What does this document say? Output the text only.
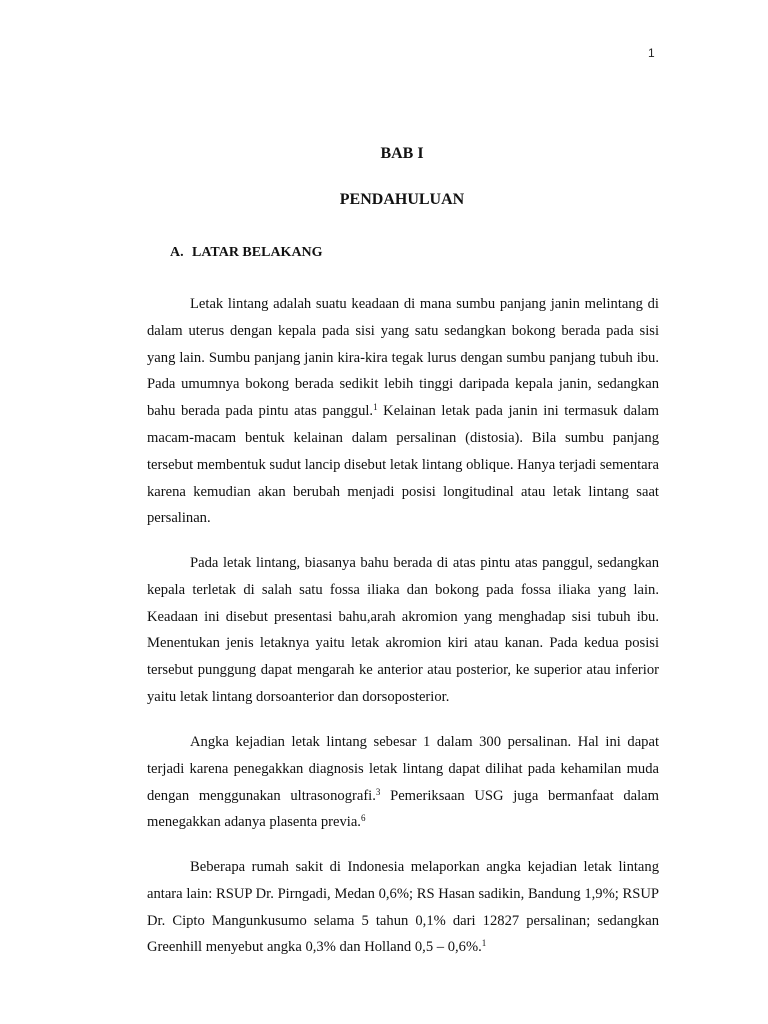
1
BAB I
PENDAHULUAN
A. LATAR BELAKANG

Letak lintang adalah suatu keadaan di mana sumbu panjang janin melintang di dalam uterus dengan kepala pada sisi yang satu sedangkan bokong berada pada sisi yang lain. Sumbu panjang janin kira-kira tegak lurus dengan sumbu panjang tubuh ibu. Pada umumnya bokong berada sedikit lebih tinggi daripada kepala janin, sedangkan bahu berada pada pintu atas panggul.$^1$ Kelainan letak pada janin ini termasuk dalam macam-macam bentuk kelainan dalam persalinan (distosia). Bila sumbu panjang tersebut membentuk sudut lancip disebut letak lintang oblique. Hanya terjadi sementara karena kemudian akan berubah menjadi posisi longitudinal atau letak lintang saat persalinan.

Pada letak lintang, biasanya bahu berada di atas pintu atas panggul, sedangkan kepala terletak di salah satu fossa iliaka dan bokong pada fossa iliaka yang lain. Keadaan ini disebut presentasi bahu,arah akromion yang menghadap sisi tubuh ibu. Menentukan jenis letaknya yaitu letak akromion kiri atau kanan. Pada kedua posisi tersebut punggung dapat mengarah ke anterior atau posterior, ke superior atau inferior yaitu letak lintang dorsoanterior dan dorsoposterior.

Angka kejadian letak lintang sebesar 1 dalam 300 persalinan. Hal ini dapat terjadi karena penegakkan diagnosis letak lintang dapat dilihat pada kehamilan muda dengan menggunakan ultrasonografi.$^3$ Pemeriksaan USG juga bermanfaat dalam menegakkan adanya plasenta previa.$^6$

Beberapa rumah sakit di Indonesia melaporkan angka kejadian letak lintang antara lain: RSUP Dr. Pirngadi, Medan 0,6%; RS Hasan sadikin, Bandung 1,9%; RSUP Dr. Cipto Mangunkusumo selama 5 tahun 0,1% dari 12827 persalinan; sedangkan Greenhill menyebut angka 0,3% dan Holland 0,5 – 0,6%.$^1$
